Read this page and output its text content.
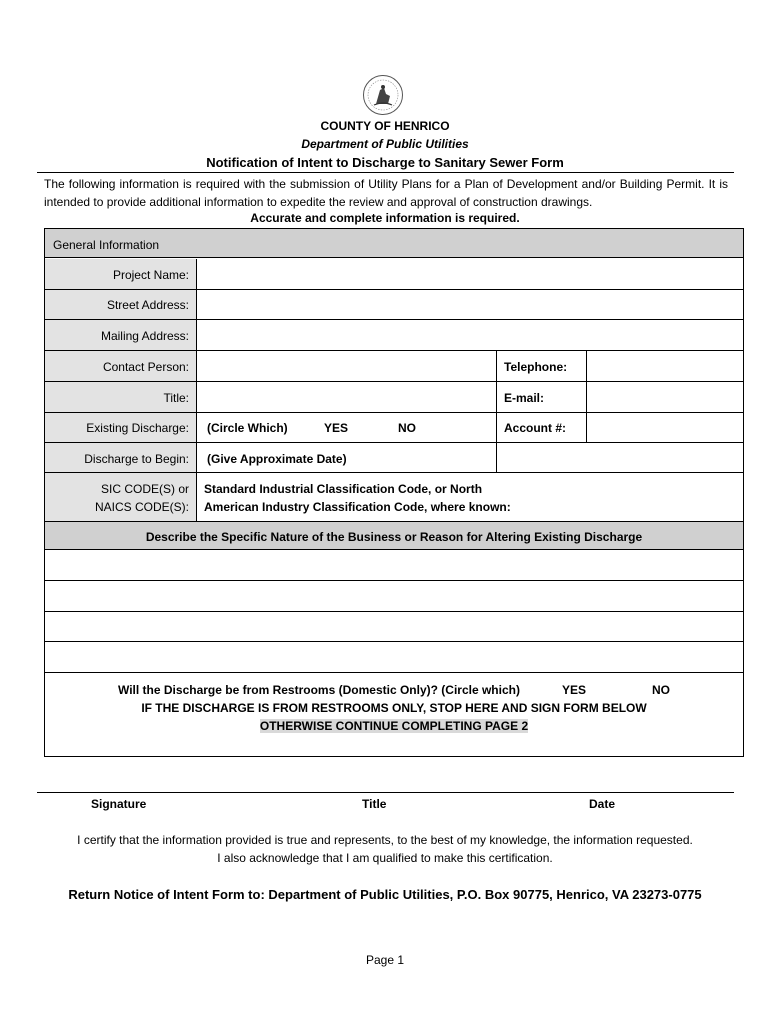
COUNTY OF HENRICO
Department of Public Utilities
Notification of Intent to Discharge to Sanitary Sewer Form
The following information is required with the submission of Utility Plans for a Plan of Development and/or Building Permit. It is intended to provide additional information to expedite the review and approval of construction drawings.
Accurate and complete information is required.
General Information
Project Name:
Street Address:
Mailing Address:
Contact Person:	Telephone:
Title:	E-mail:
Existing Discharge: (Circle Which)	YES	NO	Account #:
Discharge to Begin: (Give Approximate Date)
SIC CODE(S) or
NAICS CODE(S):
Standard Industrial Classification Code, or North
American Industry Classification Code, where known:
Describe the Specific Nature of the Business or Reason for Altering Existing Discharge
Will the Discharge be from Restrooms (Domestic Only)? (Circle which)	YES	NO
IF THE DISCHARGE IS FROM RESTROOMS ONLY, STOP HERE AND SIGN FORM BELOW
OTHERWISE CONTINUE COMPLETING PAGE 2
Signature	Title	Date
I certify that the information provided is true and represents, to the best of my knowledge, the information requested.
I also acknowledge that I am qualified to make this certification.
Return Notice of Intent Form to: Department of Public Utilities, P.O. Box 90775, Henrico, VA 23273-0775
Page 1
